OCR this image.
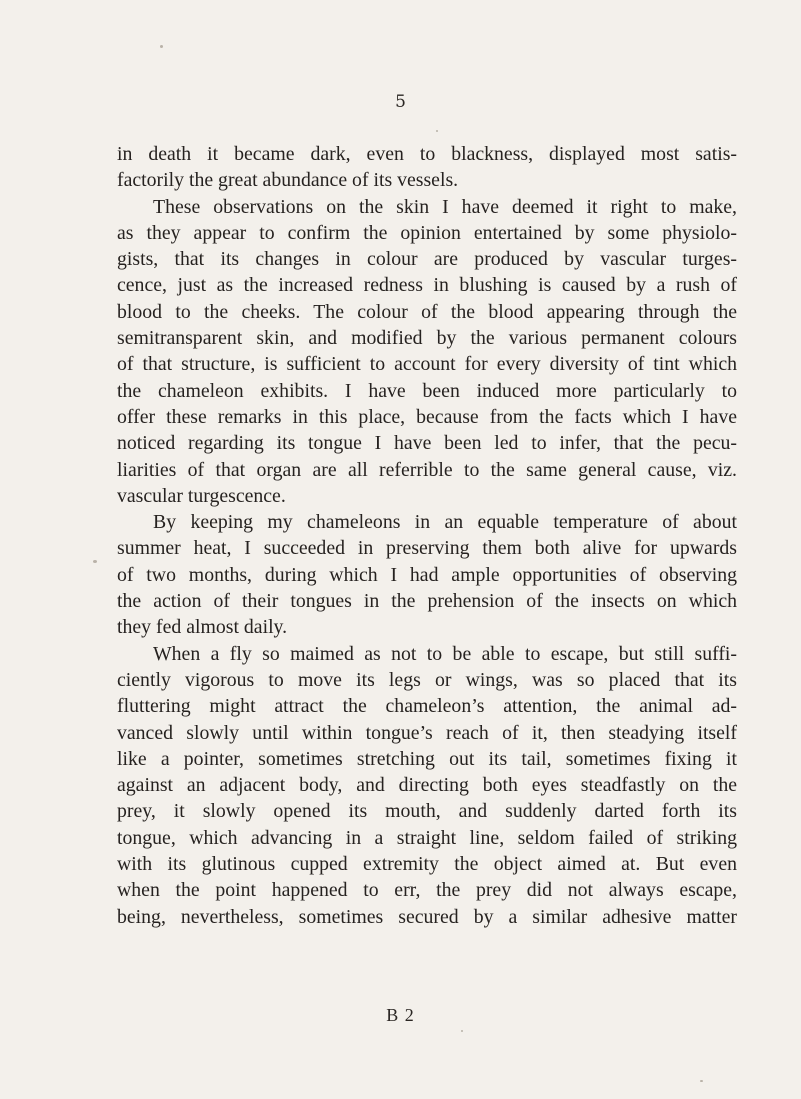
5
in death it became dark, even to blackness, displayed most satis-
factorily the great abundance of its vessels.
These observations on the skin I have deemed it right to make,
as they appear to confirm the opinion entertained by some physiolo-
gists, that its changes in colour are produced by vascular turges-
cence, just as the increased redness in blushing is caused by a rush of
blood to the cheeks. The colour of the blood appearing through the
semitransparent skin, and modified by the various permanent colours
of that structure, is sufficient to account for every diversity of tint which
the chameleon exhibits. I have been induced more particularly to
offer these remarks in this place, because from the facts which I have
noticed regarding its tongue I have been led to infer, that the pecu-
liarities of that organ are all referrible to the same general cause, viz.
vascular turgescence.
By keeping my chameleons in an equable temperature of about
summer heat, I succeeded in preserving them both alive for upwards
of two months, during which I had ample opportunities of observing
the action of their tongues in the prehension of the insects on which
they fed almost daily.
When a fly so maimed as not to be able to escape, but still suffi-
ciently vigorous to move its legs or wings, was so placed that its
fluttering might attract the chameleon’s attention, the animal ad-
vanced slowly until within tongue’s reach of it, then steadying itself
like a pointer, sometimes stretching out its tail, sometimes fixing it
against an adjacent body, and directing both eyes steadfastly on the
prey, it slowly opened its mouth, and suddenly darted forth its
tongue, which advancing in a straight line, seldom failed of striking
with its glutinous cupped extremity the object aimed at. But even
when the point happened to err, the prey did not always escape,
being, nevertheless, sometimes secured by a similar adhesive matter
B 2
